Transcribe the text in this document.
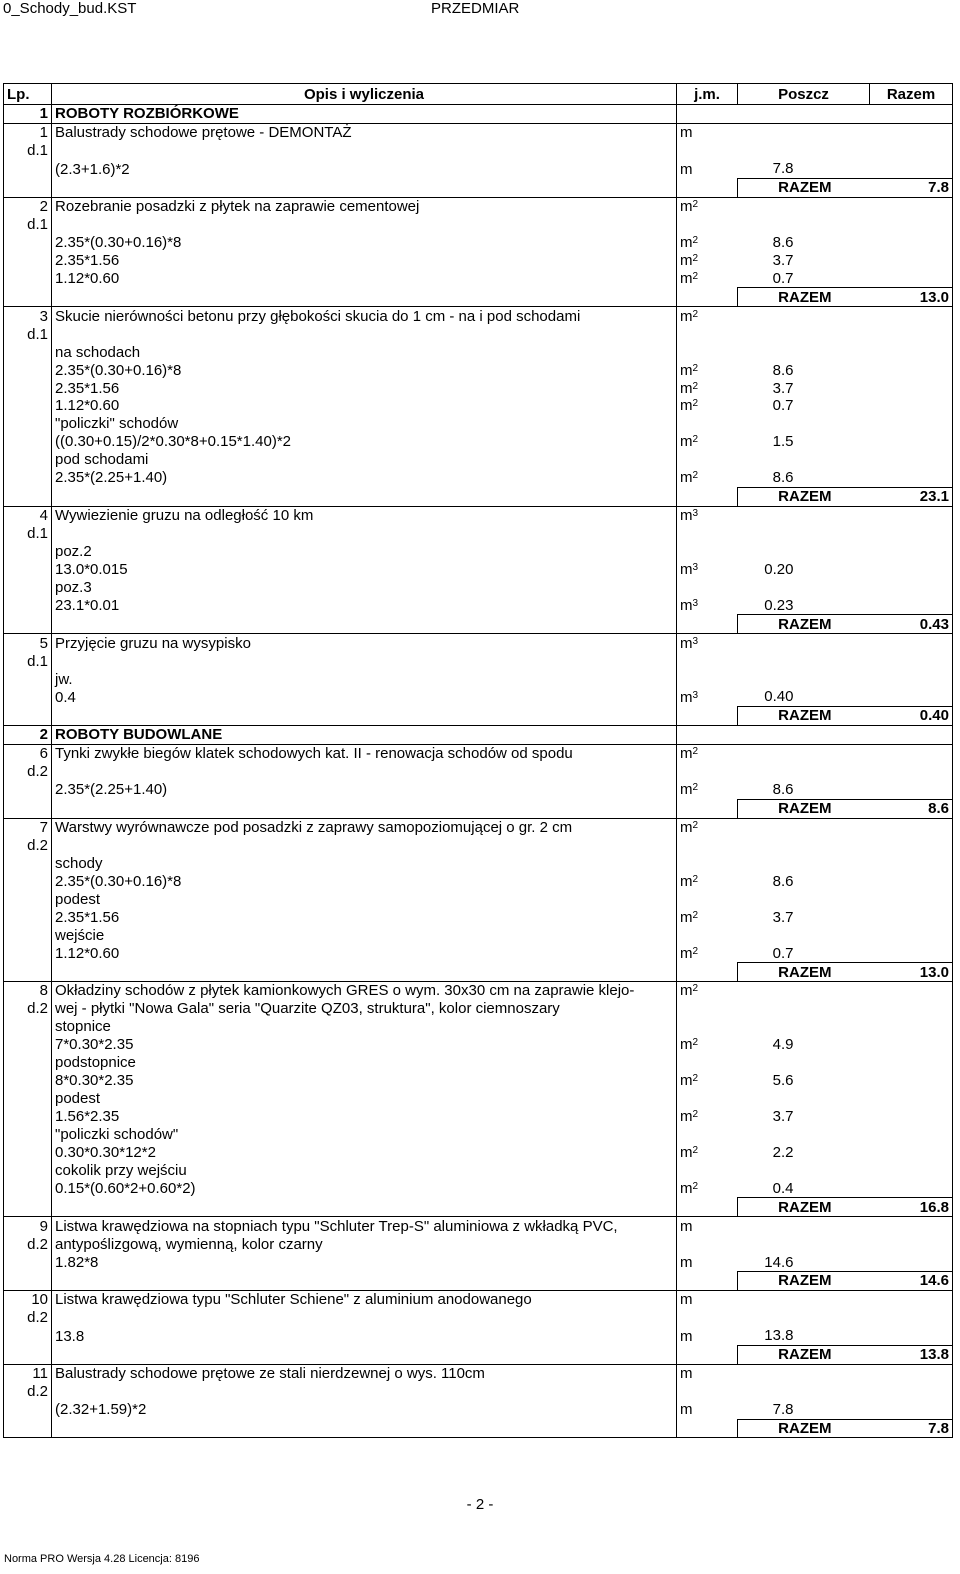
0_Schody_bud.KST	PRZEDMIAR
Lp.	Opis i wyliczenia	j.m.	Poszcz	Razem
1	ROBOTY ROZBIÓRKOWE			
1	Balustrady schodowe prętowe - DEMONTAŻ	m		
d.1				
	(2.3+1.6)*2	m	7.8	
			RAZEM	7.8
2	Rozebranie posadzki z płytek na zaprawie cementowej	$m^2$		
d.1				
	2.35*(0.30+0.16)*8	$m^2$	8.6	
	2.35*1.56	$m^2$	3.7	
	1.12*0.60	$m^2$	0.7	
			RAZEM	13.0
3	Skucie nierówności betonu przy głębokości skucia do 1 cm - na i pod schodami	$m^2$		
d.1				
	na schodach			
	2.35*(0.30+0.16)*8	$m^2$	8.6	
	2.35*1.56	$m^2$	3.7	
	1.12*0.60	$m^2$	0.7	
	"policzki" schodów			
	((0.30+0.15)/2*0.30*8+0.15*1.40)*2	$m^2$	1.5	
	pod schodami			
	2.35*(2.25+1.40)	$m^2$	8.6	
			RAZEM	23.1
4	Wywiezienie gruzu na odległość 10 km	$m^3$		
d.1				
	poz.2			
	13.0*0.015	$m^3$	0.20	
	poz.3			
	23.1*0.01	$m^3$	0.23	
			RAZEM	0.43
5	Przyjęcie gruzu na wysypisko	$m^3$		
d.1				
	jw.			
	0.4	$m^3$	0.40	
			RAZEM	0.40
2	ROBOTY BUDOWLANE			
6	Tynki zwykłe biegów klatek schodowych kat. II - renowacja schodów od spodu	$m^2$		
d.2				
	2.35*(2.25+1.40)	$m^2$	8.6	
			RAZEM	8.6
7	Warstwy wyrównawcze pod posadzki z zaprawy samopoziomującej o gr. 2 cm	$m^2$		
d.2				
	schody			
	2.35*(0.30+0.16)*8	$m^2$	8.6	
	podest			
	2.35*1.56	$m^2$	3.7	
	wejście			
	1.12*0.60	$m^2$	0.7	
			RAZEM	13.0
8	Okładziny schodów z płytek kamionkowych GRES o wym. 30x30 cm na zaprawie klejo-	$m^2$		
d.2	wej - płytki "Nowa Gala" seria "Quarzite QZ03, struktura", kolor ciemnoszary			
	stopnice			
	7*0.30*2.35	$m^2$	4.9	
	podstopnice			
	8*0.30*2.35	$m^2$	5.6	
	podest			
	1.56*2.35	$m^2$	3.7	
	"policzki schodów"			
	0.30*0.30*12*2	$m^2$	2.2	
	cokolik przy wejściu			
	0.15*(0.60*2+0.60*2)	$m^2$	0.4	
			RAZEM	16.8
9	Listwa krawędziowa na stopniach typu "Schluter Trep-S" aluminiowa z wkładką PVC,	m		
d.2	antypoślizgową, wymienną, kolor czarny			
	1.82*8	m	14.6	
			RAZEM	14.6
10	Listwa krawędziowa typu "Schluter Schiene" z aluminium anodowanego	m		
d.2				
	13.8	m	13.8	
			RAZEM	13.8
11	Balustrady schodowe prętowe ze stali nierdzewnej o wys. 110cm	m		
d.2				
	(2.32+1.59)*2	m	7.8	
			RAZEM	7.8
- 2 -
Norma PRO Wersja 4.28 Licencja: 8196
